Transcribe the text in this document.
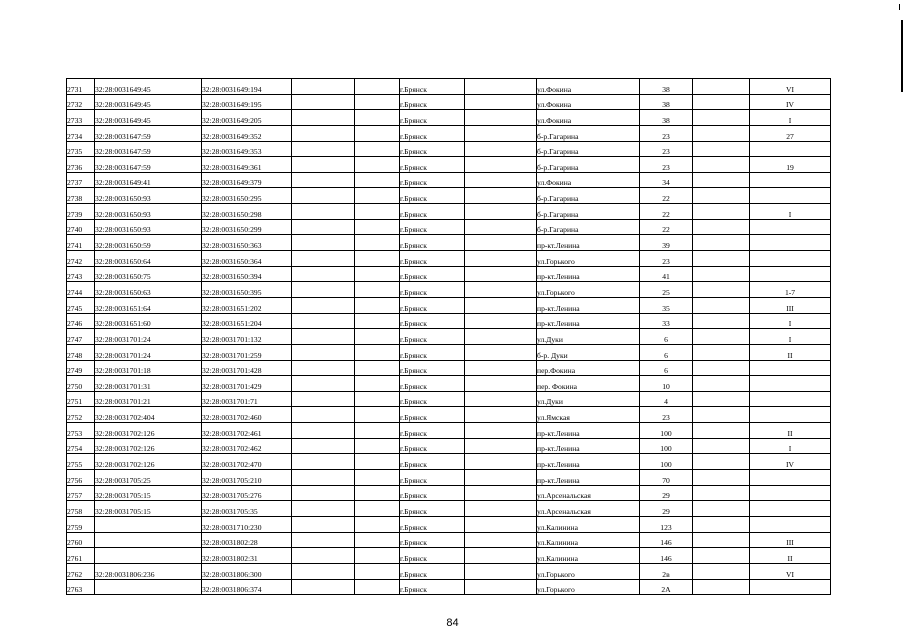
2731	32:28:0031649:45	32:28:0031649:194			г.Брянск		ул.Фокина	38		VI
2732	32:28:0031649:45	32:28:0031649:195			г.Брянск		ул.Фокина	38		IV
2733	32:28:0031649:45	32:28:0031649:205			г.Брянск		ул.Фокина	38		I
2734	32:28:0031647:59	32:28:0031649:352			г.Брянск		б-р.Гагарина	23		27
2735	32:28:0031647:59	32:28:0031649:353			г.Брянск		б-р.Гагарина	23		
2736	32:28:0031647:59	32:28:0031649:361			г.Брянск		б-р.Гагарина	23		19
2737	32:28:0031649:41	32:28:0031649:379			г.Брянск		ул.Фокина	34		
2738	32:28:0031650:93	32:28:0031650:295			г.Брянск		б-р.Гагарина	22		
2739	32:28:0031650:93	32:28:0031650:298			г.Брянск		б-р.Гагарина	22		I
2740	32:28:0031650:93	32:28:0031650:299			г.Брянск		б-р.Гагарина	22		
2741	32:28:0031650:59	32:28:0031650:363			г.Брянск		пр-кт.Ленина	39		
2742	32:28:0031650:64	32:28:0031650:364			г.Брянск		ул.Горького	23		
2743	32:28:0031650:75	32:28:0031650:394			г.Брянск		пр-кт.Ленина	41		
2744	32:28:0031650:63	32:28:0031650:395			г.Брянск		ул.Горького	25		1-7
2745	32:28:0031651:64	32:28:0031651:202			г.Брянск		пр-кт.Ленина	35		III
2746	32:28:0031651:60	32:28:0031651:204			г.Брянск		пр-кт.Ленина	33		I
2747	32:28:0031701:24	32:28:0031701:132			г.Брянск		ул.Дуки	6		I
2748	32:28:0031701:24	32:28:0031701:259			г.Брянск		б-р. Дуки	6		II
2749	32:28:0031701:18	32:28:0031701:428			г.Брянск		пер.Фокина	6		
2750	32:28:0031701:31	32:28:0031701:429			г.Брянск		пер. Фокина	10		
2751	32:28:0031701:21	32:28:0031701:71			г.Брянск		ул.Дуки	4		
2752	32:28:0031702:404	32:28:0031702:460			г.Брянск		ул.Ямская	23		
2753	32:28:0031702:126	32:28:0031702:461			г.Брянск		пр-кт.Ленина	100		II
2754	32:28:0031702:126	32:28:0031702:462			г.Брянск		пр-кт.Ленина	100		I
2755	32:28:0031702:126	32:28:0031702:470			г.Брянск		пр-кт.Ленина	100		IV
2756	32:28:0031705:25	32:28:0031705:210			г.Брянск		пр-кт.Ленина	70		
2757	32:28:0031705:15	32:28:0031705:276			г.Брянск		ул.Арсенальская	29		
2758	32:28:0031705:15	32:28:0031705:35			г.Брянск		ул.Арсенальская	29		
2759		32:28:0031710:230			г.Брянск		ул.Калинина	123		
2760		32:28:0031802:28			г.Брянск		ул.Калинина	146		III
2761		32:28:0031802:31			г.Брянск		ул.Калинина	146		II
2762	32:28:0031806:236	32:28:0031806:300			г.Брянск		ул.Горького	2в		VI
2763		32:28:0031806:374			г.Брянск		ул.Горького	2А		
84
